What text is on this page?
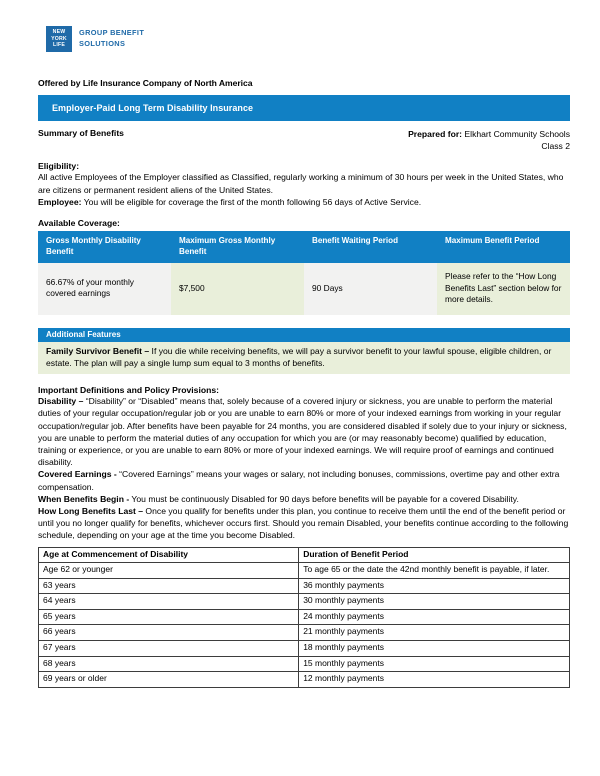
NEW
YORK
LIFE
GROUP BENEFIT
SOLUTIONS
Offered by Life Insurance Company of North America
Employer-Paid Long Term Disability Insurance
Summary of Benefits	Prepared for: Elkhart Community Schools
Class 2
Eligibility:

All active Employees of the Employer classified as Classified, regularly working a minimum of 30 hours per week in the United States, who are citizens or permanent resident aliens of the United States.

Employee: You will be eligible for coverage the first of the month following 56 days of Active Service.

Available Coverage:
Gross Monthly Disability Benefit	Maximum Gross Monthly Benefit	Benefit Waiting Period	Maximum Benefit Period
66.67% of your monthly covered earnings	$7,500	90 Days	Please refer to the “How Long Benefits Last” section below for more details.
Additional Features
Family Survivor Benefit – If you die while receiving benefits, we will pay a survivor benefit to your lawful spouse, eligible children, or estate. The plan will pay a single lump sum equal to 3 months of benefits.
Important Definitions and Policy Provisions:

Disability – “Disability” or “Disabled” means that, solely because of a covered injury or sickness, you are unable to perform the material duties of your regular occupation/regular job or you are unable to earn 80% or more of your indexed earnings from working in your regular occupation/regular job. After benefits have been payable for 24 months, you are considered disabled if solely due to your injury or sickness, you are unable to perform the material duties of any occupation for which you are (or may reasonably become) qualified by education, training or experience, or you are unable to earn 80% or more of your indexed earnings. We will require proof of earnings and continued disability.

Covered Earnings - “Covered Earnings” means your wages or salary, not including bonuses, commissions, overtime pay and other extra compensation.

When Benefits Begin - You must be continuously Disabled for 90 days before benefits will be payable for a covered Disability.

How Long Benefits Last – Once you qualify for benefits under this plan, you continue to receive them until the end of the benefit period or until you no longer qualify for benefits, whichever occurs first. Should you remain Disabled, your benefits continue according to the following schedule, depending on your age at the time you become Disabled.

Age at Commencement of Disability	Duration of Benefit Period
Age 62 or younger	To age 65 or the date the 42nd monthly benefit is payable, if later.
63 years	36 monthly payments
64 years	30 monthly payments
65 years	24 monthly payments
66 years	21 monthly payments
67 years	18 monthly payments
68 years	15 monthly payments
69 years or older	12 monthly payments
